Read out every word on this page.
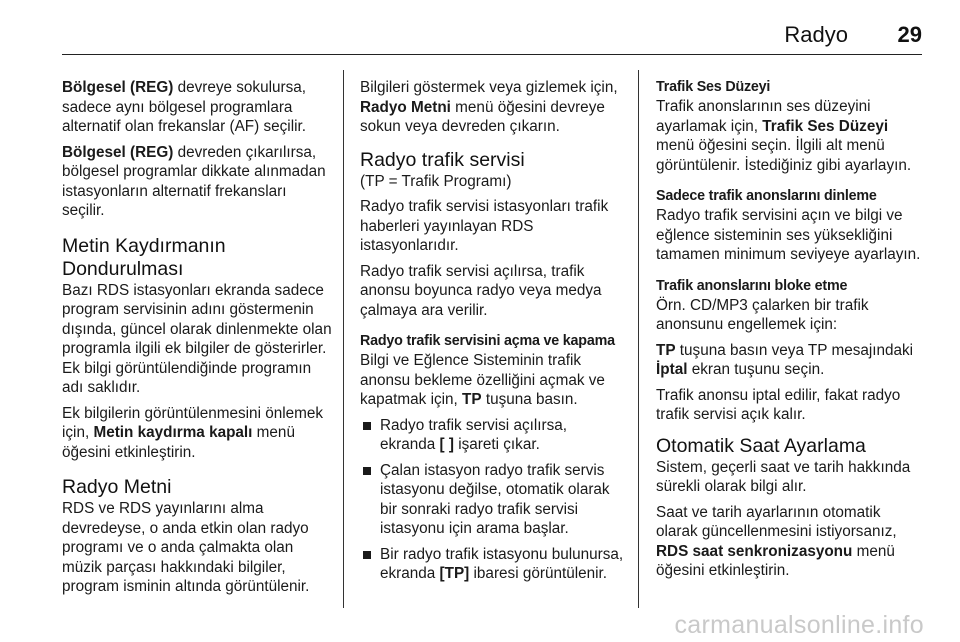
Radyo 29

Bölgesel (REG) devreye sokulursa, sadece aynı bölgesel programlara alternatif olan frekanslar (AF) seçilir.

Bölgesel (REG) devreden çıkarılırsa, bölgesel programlar dikkate alınmadan istasyonların alternatif frekansları seçilir.

Metin Kaydırmanın Dondurulması

Bazı RDS istasyonları ekranda sadece program servisinin adını göstermenin dışında, güncel olarak dinlenmekte olan programla ilgili ek bilgiler de gösterirler. Ek bilgi görüntülendiğinde programın adı saklıdır.

Ek bilgilerin görüntülenmesini önlemek için, Metin kaydırma kapalı menü öğesini etkinleştirin.

Radyo Metni

RDS ve RDS yayınlarını alma devredeyse, o anda etkin olan radyo programı ve o anda çalmakta olan müzik parçası hakkındaki bilgiler, program isminin altında görüntülenir.

Bilgileri göstermek veya gizlemek için, Radyo Metni menü öğesini devreye sokun veya devreden çıkarın.

Radyo trafik servisi

(TP = Trafik Programı)

Radyo trafik servisi istasyonları trafik haberleri yayınlayan RDS istasyonlarıdır.

Radyo trafik servisi açılırsa, trafik anonsu boyunca radyo veya medya çalmaya ara verilir.

Radyo trafik servisini açma ve kapama

Bilgi ve Eğlence Sisteminin trafik anonsu bekleme özelliğini açmak ve kapatmak için, TP tuşuna basın.

Radyo trafik servisi açılırsa, ekranda [ ] işareti çıkar.
Çalan istasyon radyo trafik servis istasyonu değilse, otomatik olarak bir sonraki radyo trafik servisi istasyonu için arama başlar.
Bir radyo trafik istasyonu bulunursa, ekranda [TP] ibaresi görüntülenir.
Trafik Ses Düzeyi

Trafik anonslarının ses düzeyini ayarlamak için, Trafik Ses Düzeyi menü öğesini seçin. İlgili alt menü görüntülenir. İstediğiniz gibi ayarlayın.

Sadece trafik anonslarını dinleme

Radyo trafik servisini açın ve bilgi ve eğlence sisteminin ses yüksekliğini tamamen minimum seviyeye ayarlayın.

Trafik anonslarını bloke etme

Örn. CD/MP3 çalarken bir trafik anonsunu engellemek için:

TP tuşuna basın veya TP mesajındaki İptal ekran tuşunu seçin.

Trafik anonsu iptal edilir, fakat radyo trafik servisi açık kalır.

Otomatik Saat Ayarlama

Sistem, geçerli saat ve tarih hakkında sürekli olarak bilgi alır.

Saat ve tarih ayarlarının otomatik olarak güncellenmesini istiyorsanız, RDS saat senkronizasyonu menü öğesini etkinleştirin.

carmanualsonline.info
